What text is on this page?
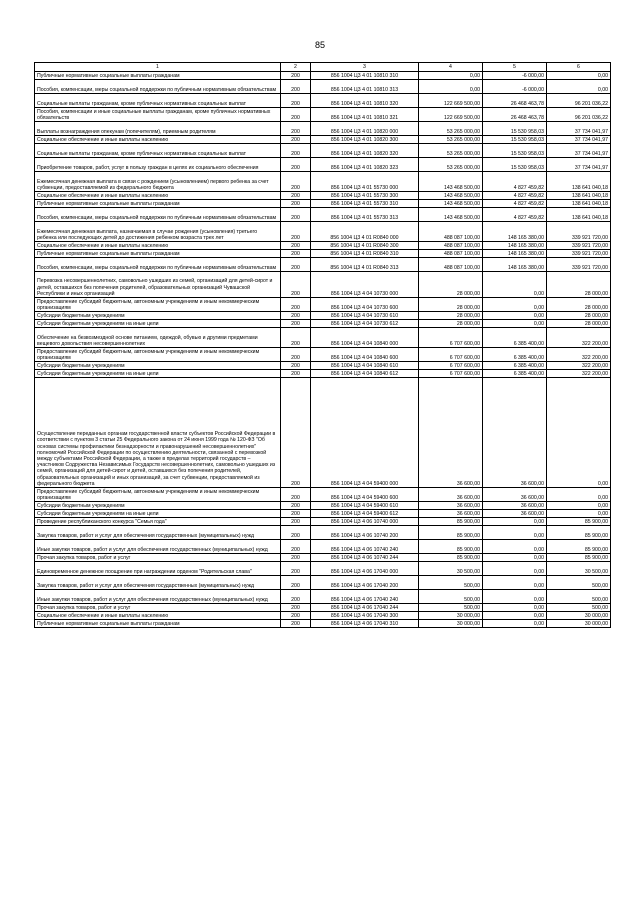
85
1	2	3	4	5	6
Публичные нормативные социальные выплаты гражданам	200	856 1004 Ц3 4 01 10810 310	0,00	-6 000,00	0,00
Пособия, компенсации, меры социальной поддержки по публичным нормативным обязательствам	200	856 1004 Ц3 4 01 10810 313	0,00	-6 000,00	0,00
Социальные выплаты гражданам, кроме публичных нормативных социальных выплат	200	856 1004 Ц3 4 01 10810 320	122 669 500,00	26 468 463,78	96 201 036,22
Пособия, компенсации и иные социальные выплаты гражданам, кроме публичных нормативных обязательств	200	856 1004 Ц3 4 01 10810 321	122 669 500,00	26 468 463,78	96 201 036,22
Выплаты вознаграждения опекунам (попечителям), приемным родителям	200	856 1004 Ц3 4 01 10820 000	53 265 000,00	15 530 958,03	37 734 041,97
Социальное обеспечение и иные выплаты населению	200	856 1004 Ц3 4 01 10820 300	53 265 000,00	15 530 958,03	37 734 041,97
Социальные выплаты гражданам, кроме публичных нормативных социальных выплат	200	856 1004 Ц3 4 01 10820 320	53 265 000,00	15 530 958,03	37 734 041,97
Приобретение товаров, работ, услуг в пользу граждан в целях их социального обеспечения	200	856 1004 Ц3 4 01 10820 323	53 265 000,00	15 530 958,03	37 734 041,97
Ежемесячная денежная выплата в связи с рождением (усыновлением) первого ребенка за счет субвенции, предоставляемой из федерального бюджета	200	856 1004 Ц3 4 01 55730 000	143 468 500,00	4 827 459,82	138 641 040,18
Социальное обеспечение и иные выплаты населению	200	856 1004 Ц3 4 01 55730 300	143 468 500,00	4 827 459,82	138 641 040,18
Публичные нормативные социальные выплаты гражданам	200	856 1004 Ц3 4 01 55730 310	143 468 500,00	4 827 459,82	138 641 040,18
Пособия, компенсации, меры социальной поддержки по публичным нормативным обязательствам	200	856 1004 Ц3 4 01 55730 313	143 468 500,00	4 827 459,82	138 641 040,18
Ежемесячная денежная выплата, назначаемая в случае рождения (усыновления) третьего ребенка или последующих детей до достижения ребенком возраста трех лет	200	856 1004 Ц3 4 01 R0840 000	488 087 100,00	148 165 380,00	339 921 720,00
Социальное обеспечение и иные выплаты населению	200	856 1004 Ц3 4 01 R0840 300	488 087 100,00	148 165 380,00	339 921 720,00
Публичные нормативные социальные выплаты гражданам	200	856 1004 Ц3 4 01 R0840 310	488 087 100,00	148 165 380,00	339 921 720,00
Пособия, компенсации, меры социальной поддержки по публичным нормативным обязательствам	200	856 1004 Ц3 4 01 R0840 313	488 087 100,00	148 165 380,00	339 921 720,00
Перевозка несовершеннолетних, самовольно ушедших из семей, организаций для детей-сирот и детей, оставшихся без попечения родителей, образовательных организаций Чувашской Республики и иных организаций	200	856 1004 Ц3 4 04 10730 000	28 000,00	0,00	28 000,00
Предоставление субсидий бюджетным, автономным учреждениям и иным некоммерческим организациям	200	856 1004 Ц3 4 04 10730 600	28 000,00	0,00	28 000,00
Субсидии бюджетным учреждениям	200	856 1004 Ц3 4 04 10730 610	28 000,00	0,00	28 000,00
Субсидии бюджетным учреждениям на иные цели	200	856 1004 Ц3 4 04 10730 612	28 000,00	0,00	28 000,00
Обеспечение на безвозмездной основе питанием, одеждой, обувью и другими предметами вещевого довольствия несовершеннолетних	200	856 1004 Ц3 4 04 10840 000	6 707 600,00	6 385 400,00	322 200,00
Предоставление субсидий бюджетным, автономным учреждениям и иным некоммерческим организациям	200	856 1004 Ц3 4 04 10840 600	6 707 600,00	6 385 400,00	322 200,00
Субсидии бюджетным учреждениям	200	856 1004 Ц3 4 04 10840 610	6 707 600,00	6 385 400,00	322 200,00
Субсидии бюджетным учреждениям на иные цели	200	856 1004 Ц3 4 04 10840 612	6 707 600,00	6 385 400,00	322 200,00
Осуществление переданных органам государственной власти субъектов Российской Федерации в соответствии с пунктом 3 статьи 25 Федерального закона от 24 июня 1999 года № 120-ФЗ "Об основах системы профилактики безнадзорности и правонарушений несовершеннолетних" полномочий Российской Федерации по осуществлению деятельности, связанной с перевозкой между субъектами Российской Федерации, а также в пределах территорий государств – участников Содружества Независимых Государств несовершеннолетних, самовольно ушедших из семей, организаций для детей-сирот и детей, оставшихся без попечения родителей, образовательных организаций и иных организаций, за счет субвенции, предоставляемой из федерального бюджета	200	856 1004 Ц3 4 04 59400 000	36 600,00	36 600,00	0,00
Предоставление субсидий бюджетным, автономным учреждениям и иным некоммерческим организациям	200	856 1004 Ц3 4 04 59400 600	36 600,00	36 600,00	0,00
Субсидии бюджетным учреждениям	200	856 1004 Ц3 4 04 59400 610	36 600,00	36 600,00	0,00
Субсидии бюджетным учреждениям на иные цели	200	856 1004 Ц3 4 04 59400 612	36 600,00	36 600,00	0,00
Проведение республиканского конкурса "Семья года"	200	856 1004 Ц3 4 06 10740 000	85 900,00	0,00	85 900,00
Закупка товаров, работ и услуг для обеспечения государственных (муниципальных) нужд	200	856 1004 Ц3 4 06 10740 200	85 900,00	0,00	85 900,00
Иные закупки товаров, работ и услуг для обеспечения государственных (муниципальных) нужд	200	856 1004 Ц3 4 06 10740 240	85 900,00	0,00	85 900,00
Прочая закупка товаров, работ и услуг	200	856 1004 Ц3 4 06 10740 244	85 900,00	0,00	85 900,00
Единовременное денежное поощрение при награждении орденом "Родительская слава"	200	856 1004 Ц3 4 06 17040 000	30 500,00	0,00	30 500,00
Закупка товаров, работ и услуг для обеспечения государственных (муниципальных) нужд	200	856 1004 Ц3 4 06 17040 200	500,00	0,00	500,00
Иные закупки товаров, работ и услуг для обеспечения государственных (муниципальных) нужд	200	856 1004 Ц3 4 06 17040 240	500,00	0,00	500,00
Прочая закупка товаров, работ и услуг	200	856 1004 Ц3 4 06 17040 244	500,00	0,00	500,00
Социальное обеспечение и иные выплаты населению	200	856 1004 Ц3 4 06 17040 300	30 000,00	0,00	30 000,00
Публичные нормативные социальные выплаты гражданам	200	856 1004 Ц3 4 06 17040 310	30 000,00	0,00	30 000,00
